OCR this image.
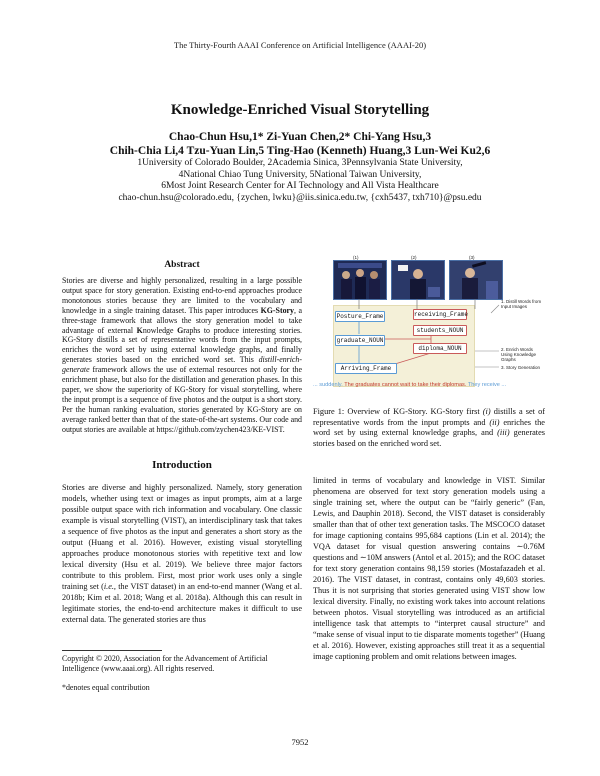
The Thirty-Fourth AAAI Conference on Artificial Intelligence (AAAI-20)
Knowledge-Enriched Visual Storytelling
Chao-Chun Hsu,1* Zi-Yuan Chen,2* Chi-Yang Hsu,3
Chih-Chia Li,4 Tzu-Yuan Lin,5 Ting-Hao (Kenneth) Huang,3 Lun-Wei Ku2,6
1University of Colorado Boulder, 2Academia Sinica, 3Pennsylvania State University,
4National Chiao Tung University, 5National Taiwan University,
6Most Joint Research Center for AI Technology and All Vista Healthcare
chao-chun.hsu@colorado.edu, {zychen, lwku}@iis.sinica.edu.tw, {cxh5437, txh710}@psu.edu
Abstract
Stories are diverse and highly personalized, resulting in a large possible output space for story generation. Existing end-to-end approaches produce monotonous stories because they are limited to the vocabulary and knowledge in a single training dataset. This paper introduces KG-Story, a three-stage framework that allows the story generation model to take advantage of external Knowledge Graphs to produce interesting stories. KG-Story distills a set of representative words from the input prompts, enriches the word set by using external knowledge graphs, and finally generates stories based on the enriched word set. This distill-enrich-generate framework allows the use of external resources not only for the enrichment phase, but also for the distillation and generation phases. In this paper, we show the superiority of KG-Story for visual storytelling, where the input prompt is a sequence of five photos and the output is a short story. Per the human ranking evaluation, stories generated by KG-Story are on average ranked better than that of the state-of-the-art systems. Our code and output stories are available at https://github.com/zychen423/KE-VIST.
Introduction
Stories are diverse and highly personalized. Namely, story generation models, whether using text or images as input prompts, aim at a large possible output space with rich information and vocabulary. One classic example is visual storytelling (VIST), an interdisciplinary task that takes a sequence of five photos as the input and generates a short story as the output (Huang et al. 2016). However, existing visual storytelling approaches produce monotonous stories with repetitive text and low lexical diversity (Hsu et al. 2019). We believe three major factors contribute to this problem. First, most prior work uses only a single training set (i.e., the VIST dataset) in an end-to-end manner (Wang et al. 2018b; Kim et al. 2018; Wang et al. 2018a). Although this can result in legitimate stories, the end-to-end architecture makes it difficult to use external data. The generated stories are thus
limited in terms of vocabulary and knowledge in VIST. Similar phenomena are observed for text story generation models using a single training set, where the output can be “fairly generic” (Fan, Lewis, and Dauphin 2018). Second, the VIST dataset is considerably smaller than that of other text generation tasks. The MSCOCO dataset for image captioning contains 995,684 captions (Lin et al. 2014); the VQA dataset for visual question answering contains ∼0.76M questions and ∼10M answers (Antol et al. 2015); and the ROC dataset for text story generation contains 98,159 stories (Mostafazadeh et al. 2016). The VIST dataset, in contrast, contains only 49,603 stories. Thus it is not surprising that stories generated using VIST show low lexical diversity. Finally, no existing work takes into account relations between photos. Visual storytelling was introduced as an artificial intelligence task that attempts to “interpret causal structure” and “make sense of visual input to tie disparate moments together” (Huang et al. 2016). However, existing approaches still treat it as a sequential image captioning problem and omit relations between images.
Copyright © 2020, Association for the Advancement of Artificial Intelligence (www.aaai.org). All rights reserved.
*denotes equal contribution
7952
(1)	(2)	(3)
Posture_Frame
graduate_NOUN
Arriving_Frame
receiving_Frame
students_NOUN
diploma_NOUN
1. Distill Words from Input Images
2. Enrich Words Using Knowledge Graphs
3. Story Generation
... suddenly. The graduates cannot wait to take their diplomas. They receive ...
Figure 1: Overview of KG-Story. KG-Story first (i) distills a set of representative words from the input prompts and (ii) enriches the word set by using external knowledge graphs, and (iii) generates stories based on the enriched word set.
